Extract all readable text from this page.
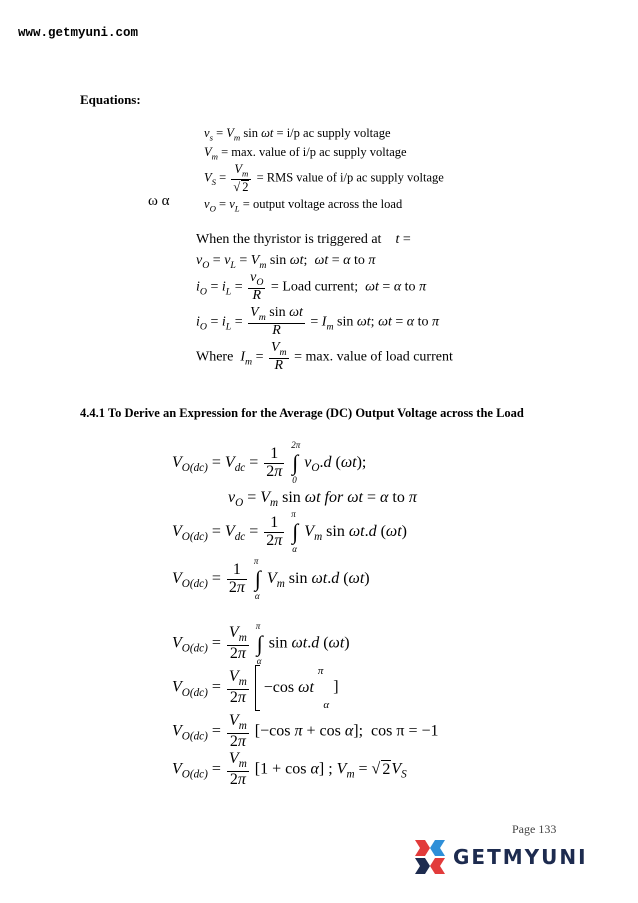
www.getmyuni.com
Equations:
$v_s = V_m$ sin ωt = i/p ac supply voltage
$V_m = \max$. value of i/p ac supply voltage
$V_S = \frac{V_m}{√ 2}$ = RMS value of i/p ac supply voltage
ω α	$v_O = v_L$ = output voltage across the load
When the thyristor is triggered at t =
$v_O = v_L = V_m$ sin ωt;  ωt = α to π
$i_O = i_L = \frac{v_O}{R}$ = Load current; ωt = α to π
$i_O = i_L = \frac{V_m \sin \omega t}{R} = I_m$ sin ωt; ωt = α to π
Where $I_m = \frac{V_m}{R} = \max$. value of load current
4.4.1 To Derive an Expression for the Average (DC) Output Voltage across the Load
$V_{O(dc)} = V_{dc} = \frac{1}{2\pi}$ ∫
2π
0
$v_O.d$ (ωt);
$v_O = V_m$ sin ωt for ωt = α to π
$V_{O(dc)} = V_{dc} = \frac{1}{2\pi}$ ∫
π
α
$V_m$ sin ωt.d (ωt)
$V_{O(dc)} = \frac{1}{2\pi}$ ∫
π
α
$V_m$ sin ωt.d (ωt)
$V_{O(dc)} = \frac{V_m}{2\pi}$ ∫
π
α
sin ωt.d (ωt)
$V_{O(dc)} = \frac{V_m}{2\pi} -\cos$ ωt $^\pi$α ]
$V_{O(dc)} = \frac{V_m}{2\pi} [-\cos$ π + cos α];  cos π = −1
$V_{O(dc)} = \frac{V_m}{2\pi} [1 + \cos \alpha]$ ; $V_m$ = √ $2V_S$
Page 133
GETMYUNI
